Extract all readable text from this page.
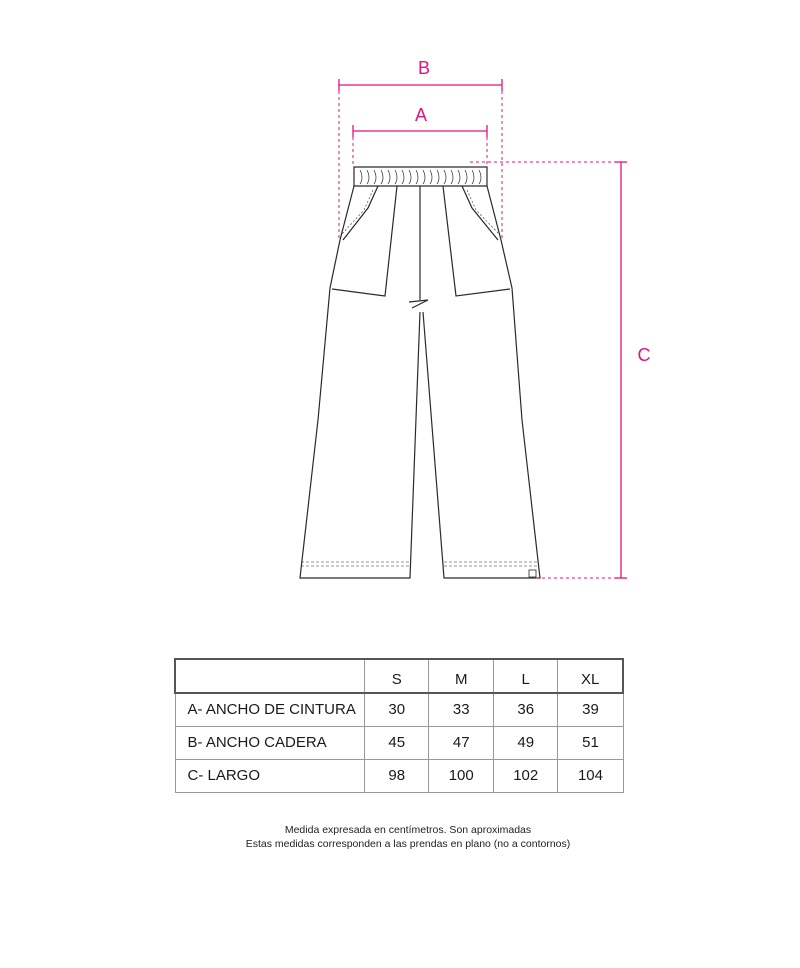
B
A
C
	S	M	L	XL
A- ANCHO DE CINTURA	30	33	36	39
B- ANCHO CADERA	45	47	49	51
C- LARGO	98	100	102	104
Medida expresada en centímetros. Son aproximadas
Estas medidas corresponden a las prendas en plano (no a contornos)
